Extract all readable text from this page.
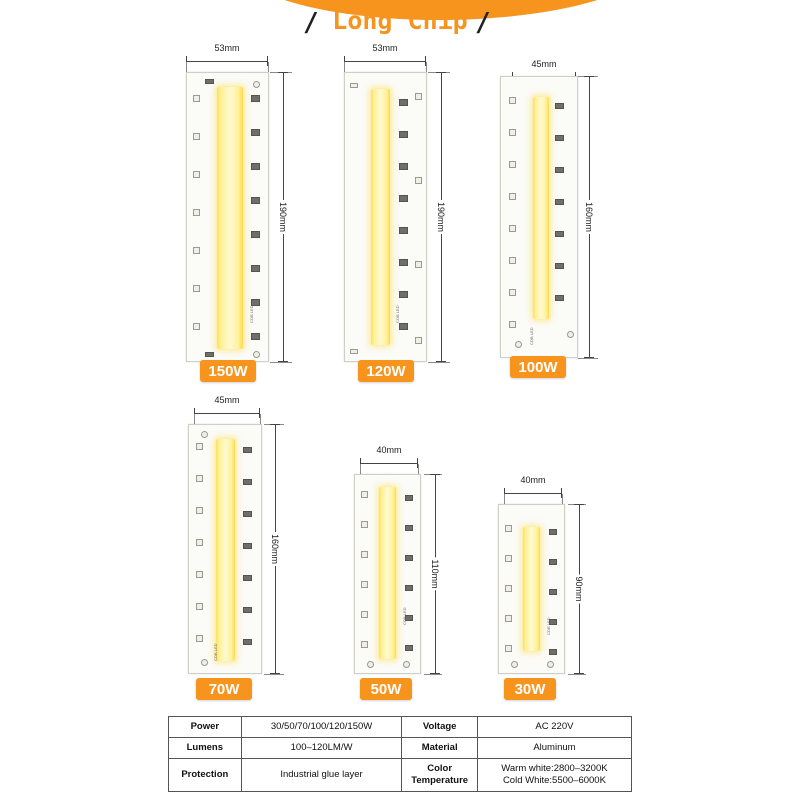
/ Long Chip /
53mm
COB LED
190mm
150W
53mm
COB LED
190mm
120W
45mm
COB LED
160mm
100W
45mm
COB LED
160mm
70W
40mm
COB LED
110mm
50W
40mm
COB LED
90mm
30W
Power	30/50/70/100/120/150W	Voltage	AC 220V
Lumens	100–120LM/W	Material	Aluminum
Protection	Industrial glue layer	Color Temperature	Warm white:2800–3200K
Cold White:5500–6000K
